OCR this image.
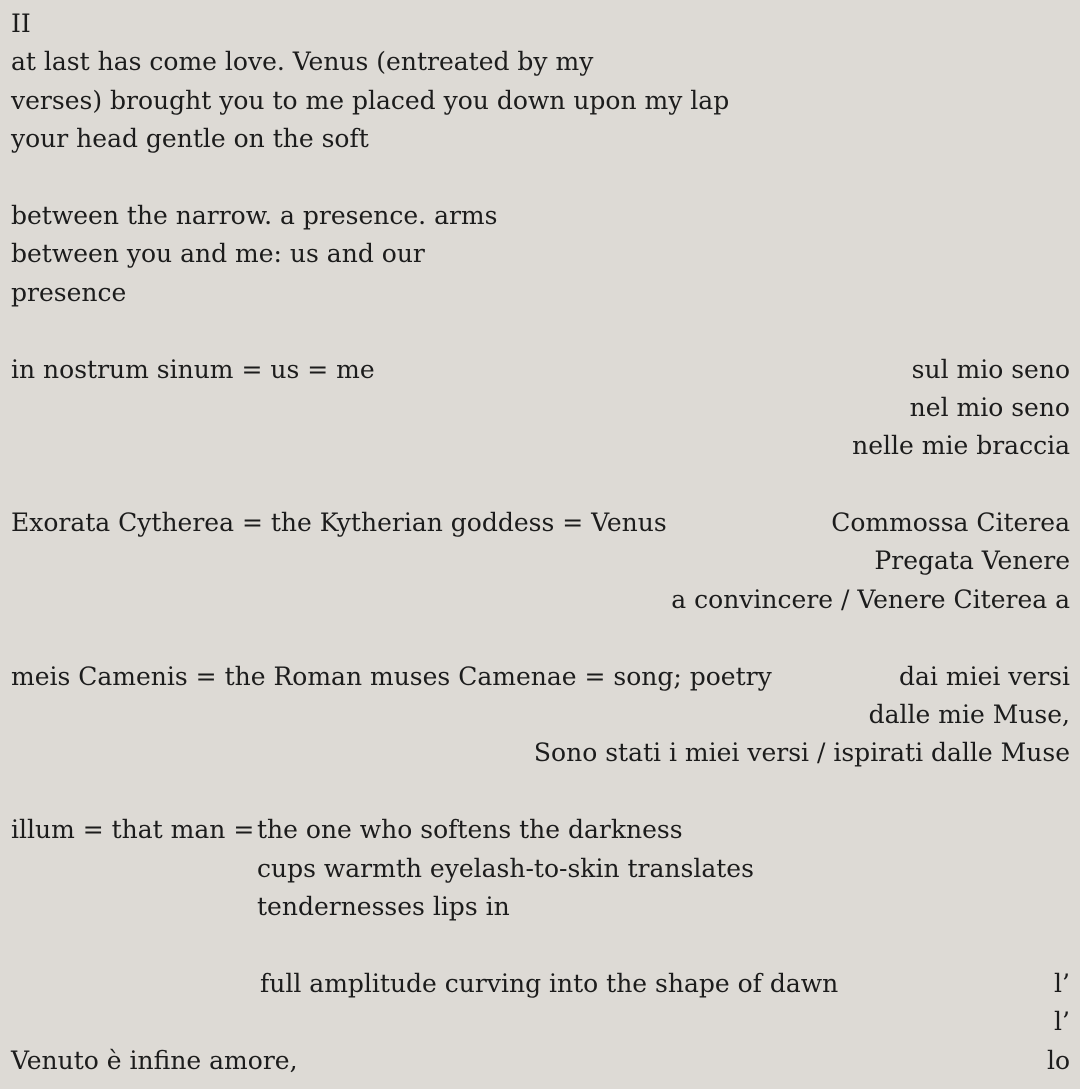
II
at last has come love. Venus (entreated by my
verses) brought you to me placed you down upon my lap
your head gentle on the soft
between the narrow. a presence. arms
between you and me: us and our
presence
in nostrum sinum = us = me	sul mio seno
nel mio seno
nelle mie braccia
Exorata Cytherea = the Kytherian goddess = Venus	Commossa Citerea
Pregata Venere
a convincere / Venere Citerea a
meis Camenis = the Roman muses Camenae = song; poetry	dai miei versi
dalle mie Muse,
Sono stati i miei versi / ispirati dalle Muse
illum = that man = the one who softens the darkness
cups warmth eyelash-to-skin translates
tendernesses lips in
full amplitude curving into the shape of dawn	l’
l’
Venuto è infine amore,	lo
